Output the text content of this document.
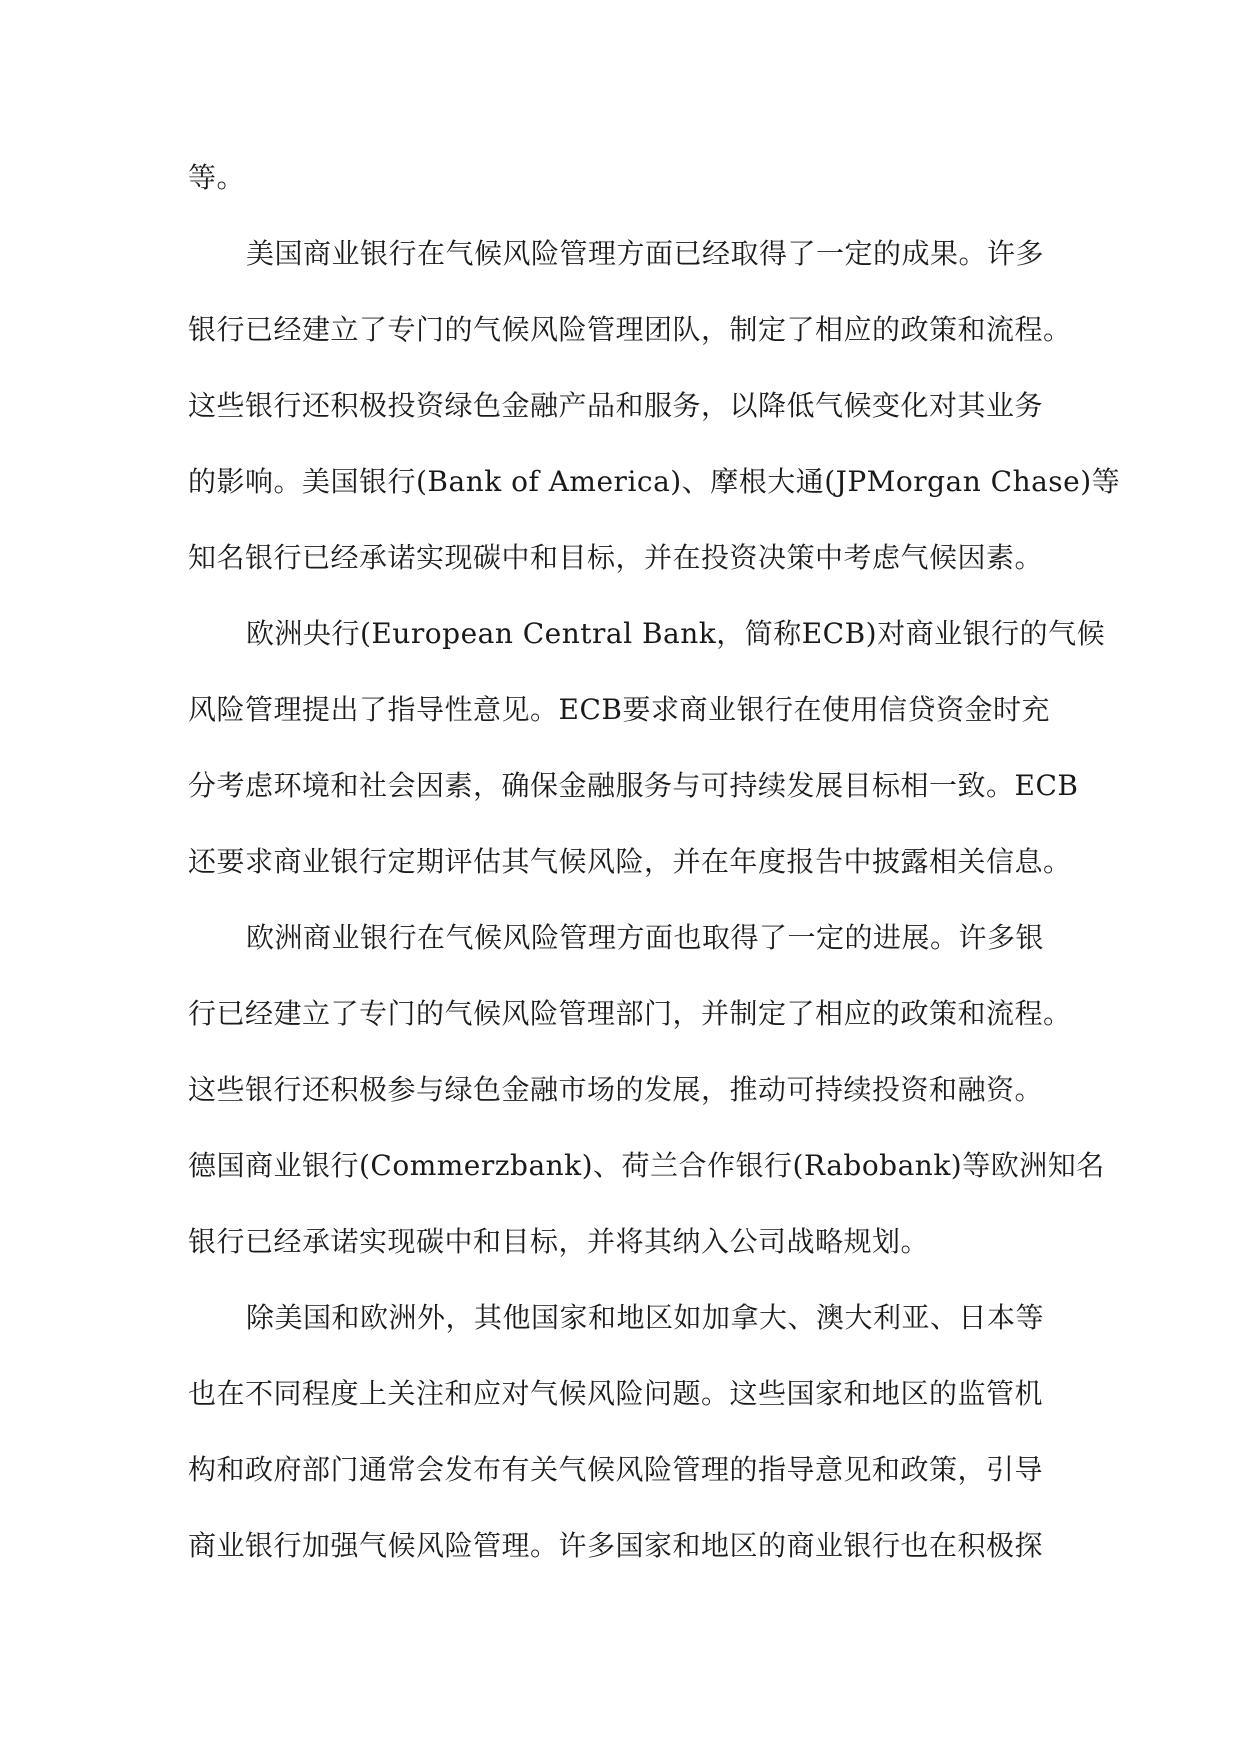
等。
美国商业银行在气候风险管理方面已经取得了一定的成果。许多
银行已经建立了专门的气候风险管理团队，制定了相应的政策和流程。
这些银行还积极投资绿色金融产品和服务，以降低气候变化对其业务
的影响。美国银行(Bank of America)、摩根大通(JPMorgan Chase)等
知名银行已经承诺实现碳中和目标，并在投资决策中考虑气候因素。
欧洲央行(European Central Bank，简称ECB)对商业银行的气候
风险管理提出了指导性意见。ECB要求商业银行在使用信贷资金时充
分考虑环境和社会因素，确保金融服务与可持续发展目标相一致。ECB
还要求商业银行定期评估其气候风险，并在年度报告中披露相关信息。
欧洲商业银行在气候风险管理方面也取得了一定的进展。许多银
行已经建立了专门的气候风险管理部门，并制定了相应的政策和流程。
这些银行还积极参与绿色金融市场的发展，推动可持续投资和融资。
德国商业银行(Commerzbank)、荷兰合作银行(Rabobank)等欧洲知名
银行已经承诺实现碳中和目标，并将其纳入公司战略规划。
除美国和欧洲外，其他国家和地区如加拿大、澳大利亚、日本等
也在不同程度上关注和应对气候风险问题。这些国家和地区的监管机
构和政府部门通常会发布有关气候风险管理的指导意见和政策，引导
商业银行加强气候风险管理。许多国家和地区的商业银行也在积极探
